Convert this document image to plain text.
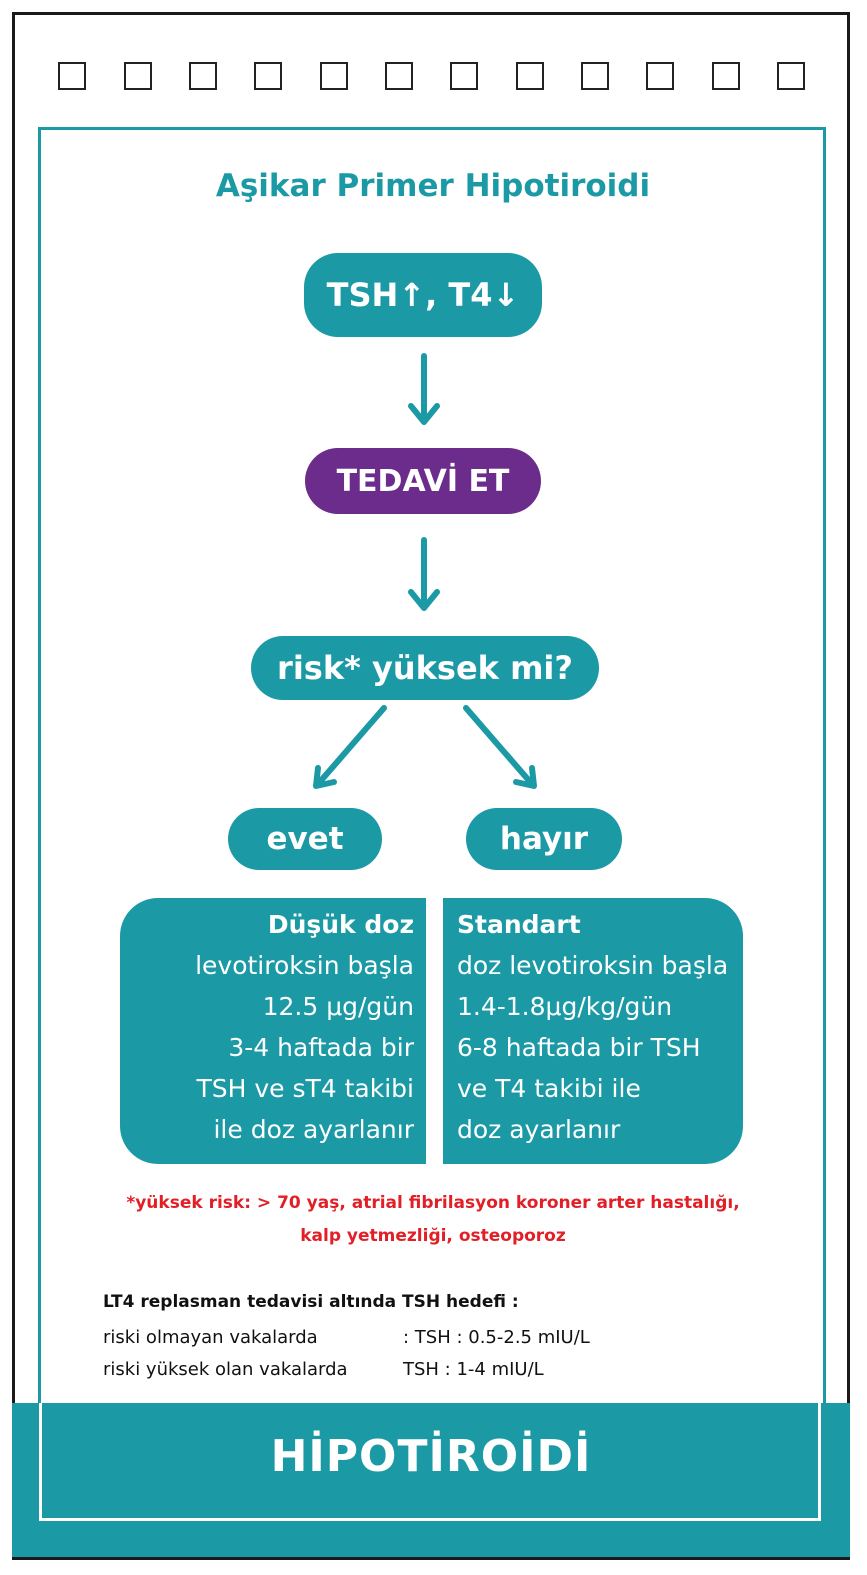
Aşikar Primer Hipotiroidi
TSH↑, T4↓
TEDAVİ ET
risk* yüksek mi?
evet	hayır
Düşük doz
levotiroksin başla
12.5 μg/gün
3-4 haftada bir
TSH ve sT4 takibi
ile doz ayarlanır
Standart
doz levotiroksin başla
1.4-1.8μg/kg/gün
6-8 haftada bir TSH
ve T4 takibi ile
doz ayarlanır
*yüksek risk: > 70 yaş, atrial fibrilasyon koroner arter hastalığı,
kalp yetmezliği, osteoporoz
LT4 replasman tedavisi altında TSH hedefi :
riski olmayan vakalarda	: TSH : 0.5-2.5 mIU/L
riski yüksek olan vakalarda	TSH : 1-4 mIU/L
HİPOTİROİDİ
